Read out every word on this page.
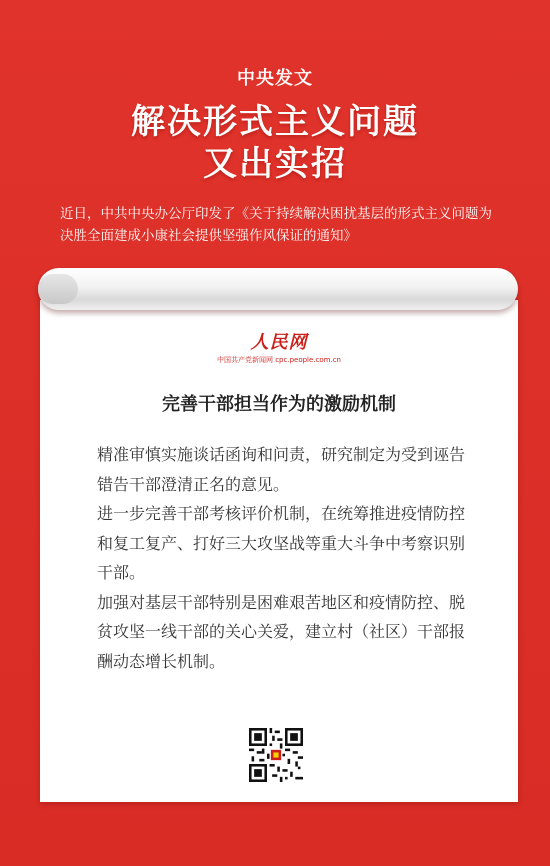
中央发文
解决形式主义问题
又出实招
近日，中共中央办公厅印发了《关于持续解决困扰基层的形式主义问题为决胜全面建成小康社会提供坚强作风保证的通知》
人民网
中国共产党新闻网 cpc.people.com.cn
完善干部担当作为的激励机制

精准审慎实施谈话函询和问责，研究制定为受到诬告错告干部澄清正名的意见。

进一步完善干部考核评价机制，在统筹推进疫情防控和复工复产、打好三大攻坚战等重大斗争中考察识别干部。

加强对基层干部特别是困难艰苦地区和疫情防控、脱贫攻坚一线干部的关心关爱，建立村（社区）干部报酬动态增长机制。
